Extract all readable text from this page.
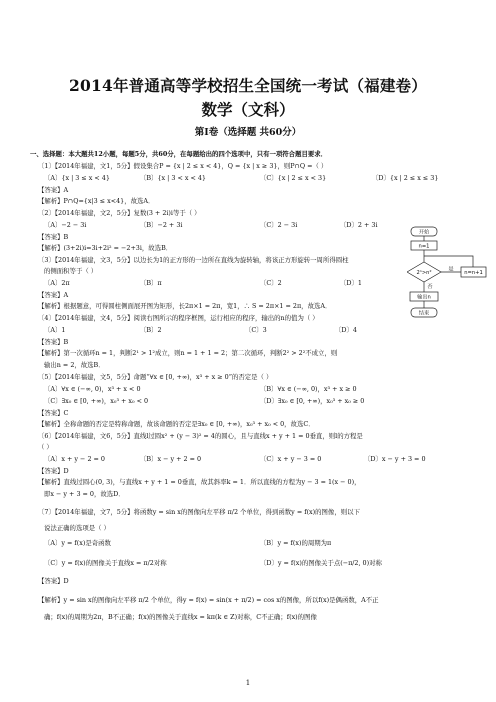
2014年普通高等学校招生全国统一考试（福建卷）
数学（文科）
第Ⅰ卷（选择题 共60分）
一、选择题：本大题共12小题，每题5分，共60分，在每题给出的四个选项中，只有一项符合题目要求．
〔1〕【2014年福建，文1，5分】假设集合P = {x | 2 ≤ x < 4}，Q = {x | x ≥ 3}，则P∩Q =（ ）
〔A〕{x | 3 ≤ x < 4}	〔B〕{x | 3 < x < 4}	〔C〕{x | 2 ≤ x < 3}	〔D〕{x | 2 ≤ x ≤ 3}
【答案】A
【解析】P∩Q={x|3 ≤ x<4}，故选A．
〔2〕【2014年福建，文2，5分】复数(3 + 2i)i等于（ ）
〔A〕−2 − 3i	〔B〕−2 + 3i	〔C〕2 − 3i	〔D〕2 + 3i
【答案】B
【解析】(3+2i)i=3i+2i² = −2+3i，故选B．
〔3〕【2014年福建，文3，5分】以边长为1的正方形的一边所在直线为旋转轴，将该正方形旋转一周所得圆柱
的侧面积等于（ ）
〔A〕2π	〔B〕π	〔C〕2	〔D〕1
【答案】A
【解析】根据题意，可得圆柱侧面展开图为矩形，长2π×1 = 2π，宽1，∴ S = 2π×1 = 2π，故选A．
〔4〕【2014年福建，文4，5分】阅读右图所示的程序框图，运行相应的程序，输出的n的值为（ ）
〔A〕1	〔B〕2	〔C〕3	〔D〕4
【答案】B
【解析】第一次循环n = 1，判断2¹ > 1²成立，则n = 1 + 1 = 2；第二次循环，判断2² > 2²不成立，则
输出n = 2，故选B．
开始
n=1
2ⁿ>n²
是
否
n=n+1
输出n
结束
〔5〕【2014年福建，文5，5分】命题“∀x ∈ [0, +∞)，x³ + x ≥ 0”的否定是（ ）
〔A〕∀x ∈ (−∞, 0)，x³ + x < 0	〔B〕∀x ∈ (−∞, 0)，x³ + x ≥ 0
〔C〕∃x₀ ∈ [0, +∞)，x₀³ + x₀ < 0	〔D〕∃x₀ ∈ [0, +∞)，x₀³ + x₀ ≥ 0
【答案】C
【解析】全称命题的否定是特称命题，故该命题的否定是∃x₀ ∈ [0, +∞)，x₀³ + x₀ < 0，故选C．
〔6〕【2014年福建，文6，5分】直线l过圆x² + (y − 3)² = 4的圆心，且与直线x + y + 1 = 0垂直，则l的方程是
（ ）
〔A〕x + y − 2 = 0	〔B〕x − y + 2 = 0	〔C〕x + y − 3 = 0	〔D〕x − y + 3 = 0
【答案】D
【解析】直线过圆心(0, 3)，与直线x + y + 1 = 0垂直，故其斜率k = 1．所以直线的方程为y − 3 = 1(x − 0)，
即x − y + 3 = 0，故选D．
〔7〕【2014年福建，文7，5分】将函数y = sin x的图像向左平移 π/2 个单位，得到函数y = f(x)的图像，则以下
说法正确的选项是（ ）
〔A〕y = f(x)是奇函数	〔B〕y = f(x)的周期为π
〔C〕y = f(x)的图像关于直线x = π/2对称	〔D〕y = f(x)的图像关于点(−π/2, 0)对称
【答案】D
【解析】y = sin x的图像向左平移 π/2 个单位，得y = f(x) = sin(x + π/2) = cos x的图像，所以f(x)是偶函数，A不正
确；f(x)的周期为2π，B不正确；f(x)的图像关于直线x = kπ(k ∈ Z)对称，C不正确；f(x)的图像
1
